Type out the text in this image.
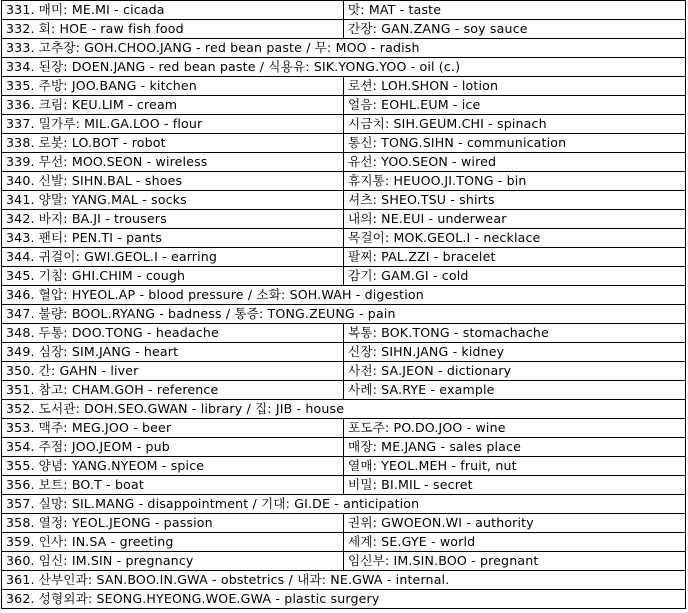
331. 매미: ME.MI - cicada	맛: MAT - taste
332. 회: HOE - raw fish food	간장: GAN.ZANG - soy sauce
333. 고추장: GOH.CHOO.JANG - red bean paste / 무: MOO - radish	
334. 된장: DOEN.JANG - red bean paste / 식용유: SIK.YONG.YOO - oil (c.)	
335. 주방: JOO.BANG - kitchen	로션: LOH.SHON - lotion
336. 크림: KEU.LIM - cream	얼음: EOHL.EUM - ice
337. 밀가루: MIL.GA.LOO - flour	시금치: SIH.GEUM.CHI - spinach
338. 로봇: LO.BOT - robot	통신: TONG.SIHN - communication
339. 무선: MOO.SEON - wireless	유선: YOO.SEON - wired
340. 신발: SIHN.BAL - shoes	휴지통: HEUOO.JI.TONG - bin
341. 양말: YANG.MAL - socks	셔츠: SHEO.TSU - shirts
342. 바지: BA.JI - trousers	내의: NE.EUI - underwear
343. 팬티: PEN.TI - pants	목걸이: MOK.GEOL.I - necklace
344. 귀걸이: GWI.GEOL.I - earring	팔찌: PAL.ZZI - bracelet
345. 기침: GHI.CHIM - cough	감기: GAM.GI - cold
346. 혈압: HYEOL.AP - blood pressure / 소화: SOH.WAH - digestion	
347. 불량: BOOL.RYANG - badness / 통증: TONG.ZEUNG - pain	
348. 두통: DOO.TONG - headache	복통: BOK.TONG - stomachache
349. 심장: SIM.JANG - heart	신장: SIHN.JANG - kidney
350. 간: GAHN - liver	사전: SA.JEON - dictionary
351. 참고: CHAM.GOH - reference	사례: SA.RYE - example
352. 도서관: DOH.SEO.GWAN - library / 집: JIB - house	
353. 맥주: MEG.JOO - beer	포도주: PO.DO.JOO - wine
354. 주점: JOO.JEOM - pub	매장: ME.JANG - sales place
355. 양념: YANG.NYEOM - spice	열매: YEOL.MEH - fruit, nut
356. 보트: BO.T - boat	비밀: BI.MIL - secret
357. 실망: SIL.MANG - disappointment / 기대: GI.DE - anticipation	
358. 열정: YEOL.JEONG - passion	권위: GWOEON.WI - authority
359. 인사: IN.SA - greeting	세계: SE.GYE - world
360. 임신: IM.SIN - pregnancy	임신부: IM.SIN.BOO - pregnant
361. 산부인과: SAN.BOO.IN.GWA - obstetrics / 내과: NE.GWA - internal.	
362. 성형외과: SEONG.HYEONG.WOE.GWA - plastic surgery	
